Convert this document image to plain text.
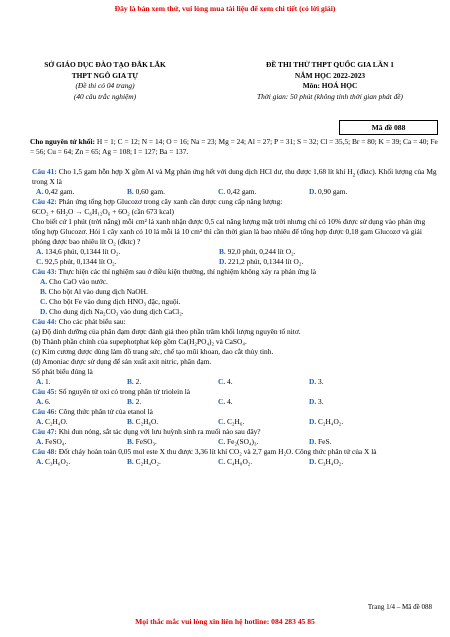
Đây là bản xem thử, vui lòng mua tài liệu để xem chi tiết (có lời giải)
SỞ GIÁO DỤC ĐÀO TẠO ĐẮK LẮK
THPT NGÔ GIA TỰ
(Đề thi có 04 trang)
(40 câu trắc nghiệm)
ĐỀ THI THỬ THPT QUỐC GIA LẦN 1
NĂM HỌC 2022-2023
Môn: HOÁ HỌC
Thời gian: 50 phút (không tính thời gian phát đề)
Mã đề 088

Cho nguyên tử khối: H = 1; C = 12; N = 14; O = 16; Na = 23; Mg = 24; Al = 27; P = 31; S = 32; Cl = 35,5; Br = 80; K = 39; Ca = 40; Fe = 56; Cu = 64; Zn = 65; Ag = 108; I = 127; Ba = 137.

Câu 41: Cho 1,5 gam hỗn hợp X gồm Al và Mg phản ứng hết với dung dịch HCl dư, thu được 1,68 lít khí $H_2$ (đktc). Khối lượng của Mg trong X là

A. 0,42 gam.	B. 0,60 gam.	C. 0,42 gam.	D. 0,90 gam.

Câu 42: Phản ứng tổng hợp Glucozơ trong cây xanh cần được cung cấp năng lượng:

6CO₂ + 6H₂O → C₆H₁₂O₆ + 6O₂ (cần 673 kcal)

Cho biết cứ 1 phút (trời nắng) mỗi cm² lá xanh nhận được 0,5 cal năng lượng mặt trời nhưng chỉ có 10% được sử dụng vào phản ứng tổng hợp Glucozơ. Hỏi 1 cây xanh có 10 lá mỗi lá 10 cm² thì cần thời gian là bao nhiêu để tổng hợp được 0,18 gam Glucozơ và giải phóng được bao nhiêu lít O₂ (đktc) ?

A. 134,6 phút, 0,1344 lít O₂.	B. 92,0 phút, 0,244 lít O₂.
C. 92,5 phút, 0,1344 lít O₂.	D. 221,2 phút, 0,1344 lít O₂.

Câu 43: Thực hiện các thí nghiệm sau ở điều kiện thường, thí nghiệm không xảy ra phản ứng là

A. Cho CaO vào nước.
B. Cho bột Al vào dung dịch NaOH.
C. Cho bột Fe vào dung dịch HNO₃ đặc, nguội.
D. Cho dung dịch Na₂CO₃ vào dung dịch CaCl₂.

Câu 44: Cho các phát biểu sau:

(a) Độ dinh dưỡng của phân đạm được đánh giá theo phần trăm khối lượng nguyên tố nitơ.

(b) Thành phần chính của supephotphat kép gồm Ca(H₂PO₄)₂ và CaSO₄.

(c) Kim cương được dùng làm đồ trang sức, chế tạo mũi khoan, dao cắt thủy tinh.

(d) Amoniac được sử dụng để sản xuất axit nitric, phân đạm.

Số phát biểu đúng là

A. 1.	B. 2.	C. 4.	D. 3.

Câu 45: Số nguyên tử oxi có trong phân tử triolein là

A. 6.	B. 2.	C. 4.	D. 3.

Câu 46: Công thức phân tử của etanol là

A. C₂H₄O.	B. C₂H₆O.	C. C₂H₆.	D. C₂H₄O₂.

Câu 47: Khi đun nóng, sắt tác dụng với lưu huỳnh sinh ra muối nào sau đây?

A. FeSO₄.	B. FeSO₃.	C. Fe₂(SO₄)₃.	D. FeS.

Câu 48: Đốt cháy hoàn toàn 0,05 mol este X thu được 3,36 lít khí CO₂ và 2,7 gam H₂O. Công thức phân tử của X là

A. C₃H₆O₂.	B. C₂H₄O₂.	C. C₄H₈O₂.	D. C₃H₄O₂.
Trang 1/4 – Mã đề 088
Mọi thắc mắc vui lòng xin liên hệ hotline: 084 283 45 85
